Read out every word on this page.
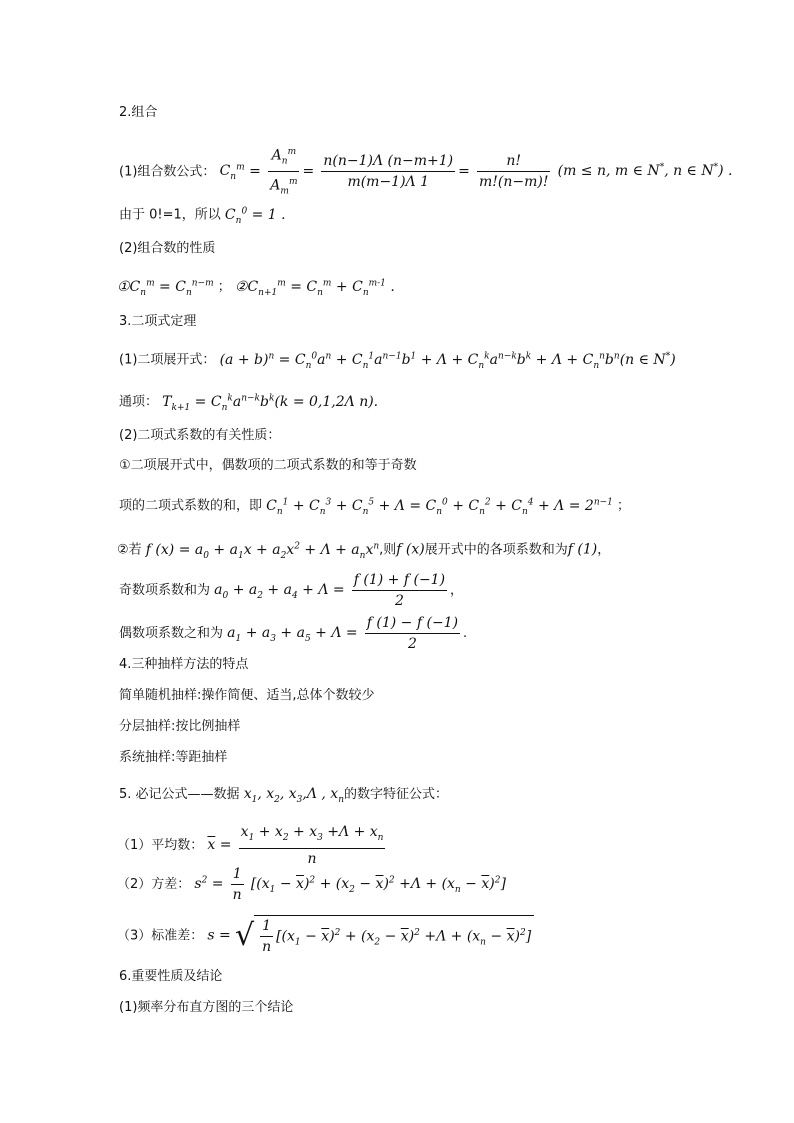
2.组合
(1)组合数公式： $C_n^m = \frac{A_n^m}{A_m^m} = \frac{n(n-1)\Lambda (n-m+1)}{m(m-1)\Lambda 1} = \frac{n!}{m!(n-m)!} (m \le n$, m ∈ N*, n ∈ N*) .
由于 0!=1，所以 $C_n^0 = 1$ .
(2)组合数的性质
$①C_n^m = C_n^{n-m}$ ； $②C_{n+1}^m = C_n^m + C_n^{m-1}$ .
3.二项式定理
(1)二项展开式： $(a + b)^n = C_n^0a^n + C_n^1a^{n-1}b^1 + \Lambda + C_n^ka^{n-k}b^k + \Lambda + C_n^nb^n(n$ ∈ N*)
通项： $T_{k+1} = C_n^ka^{n-k}b^k(k = 0,1,2\Lambda$ n).
(2)二项式系数的有关性质：
①二项展开式中，偶数项的二项式系数的和等于奇数
项的二项式系数的和，即 $C_n^1 + C_n^3 + C_n^5 + \Lambda = C_n^0 + C_n^2 + C_n^4 + \Lambda = 2^{n-1}$ ；
②若 f $(x) = a_0 + a_1x + a_2x^2 + \Lambda + a_nx^n$,则f (x)展开式中的各项系数和为f (1)，
奇数项系数和为 $a_0 + a_2 + a_4 + \Lambda = \frac{f (1) + f (-1)}{2}$ ，
偶数项系数之和为 $a_1 + a_3 + a_5 + \Lambda = \frac{f (1) - f (-1)}{2}$ .
4.三种抽样方法的特点
简单随机抽样:操作简便、适当,总体个数较少
分层抽样:按比例抽样
系统抽样:等距抽样
5. 必记公式——数据 $x_1$, $x_2$, $x_3,\Lambda$ , $x_n$的数字特征公式：
（1）平均数： $\overline{x} = \frac{x_1 + x_2 + x_3 +\Lambda + x_n}{n}$
（2）方差： $s^2 = \frac{1}{n} [(x_1 - \overline{x})^2 + (x_2 - \overline{x})^2 +\Lambda + (x_n - \overline{x})^2]$
（3）标准差： s = √ $\frac{1}{n} [(x_1 - \overline{x})^2 + (x_2 - \overline{x})^2 +\Lambda + (x_n - \overline{x})^2]$
6.重要性质及结论
(1)频率分布直方图的三个结论
